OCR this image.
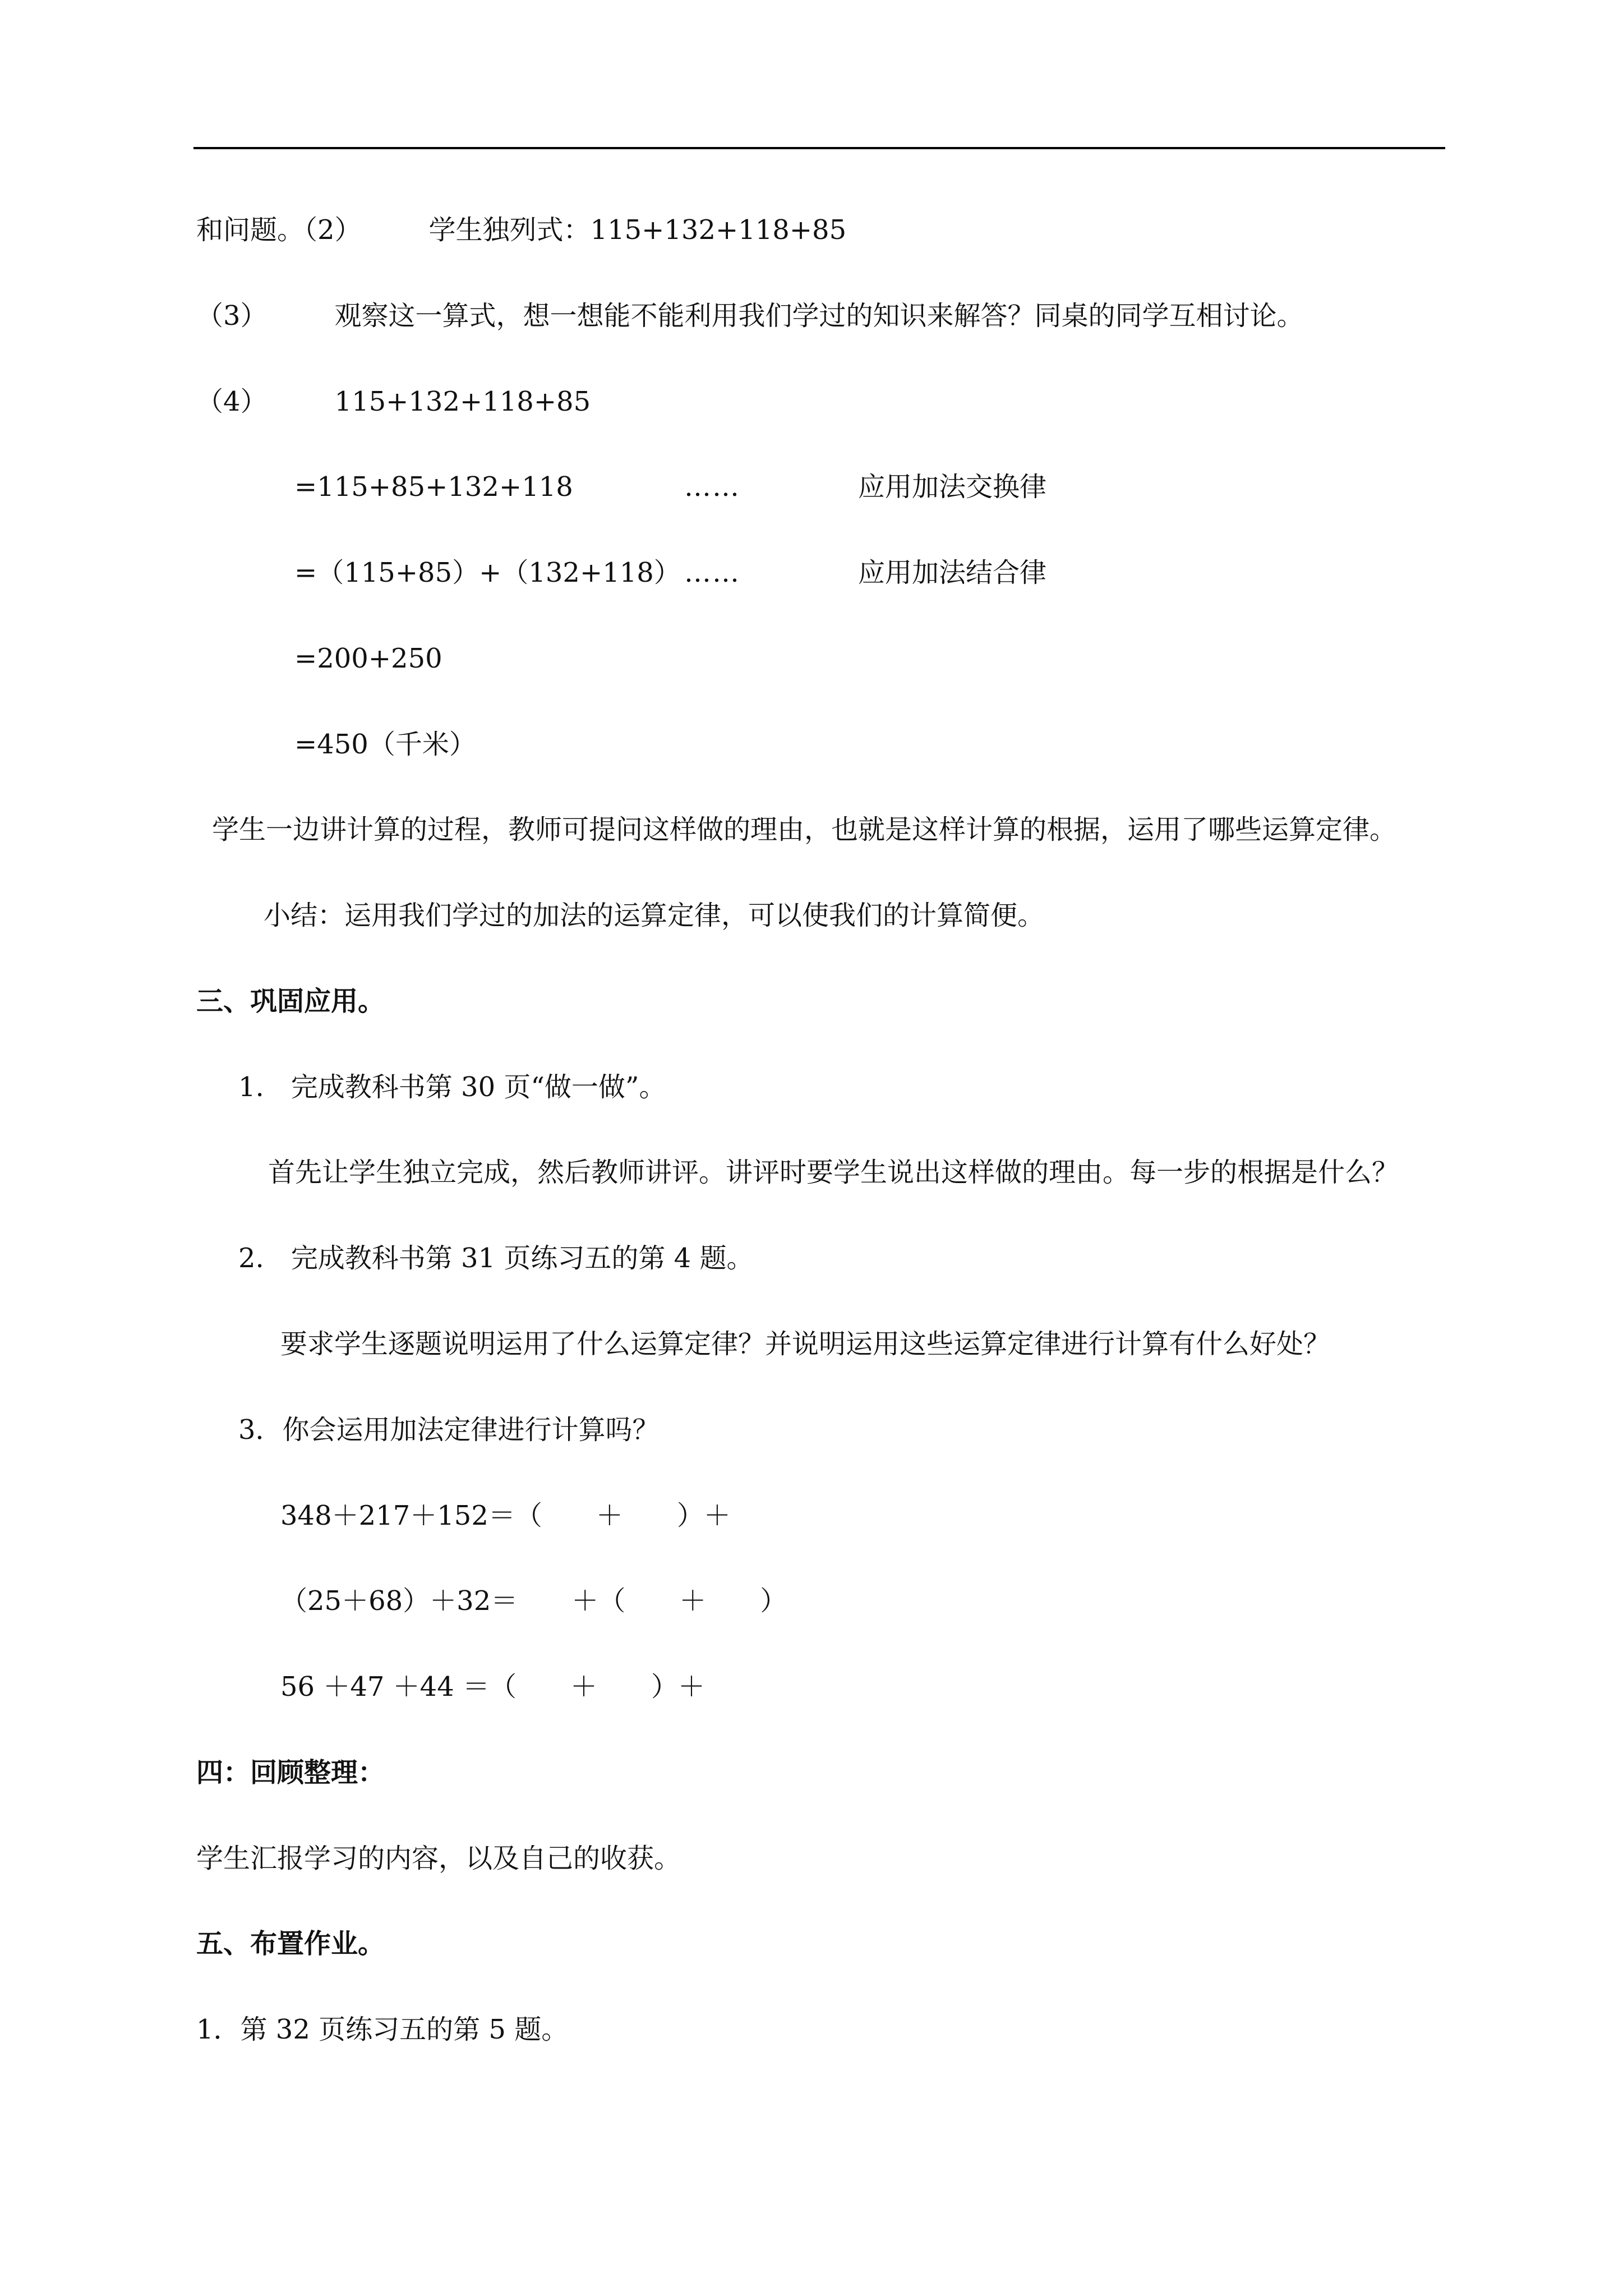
和问题。（2）　　　学生独列式：115+132+118+85
（3）　　　观察这一算式，想一想能不能利用我们学过的知识来解答？同桌的同学互相讨论。
（4）　　　115+132+118+85
=115+85+132+118	……	应用加法交换律
=（115+85）+（132+118） ……	应用加法结合律
=200+250
=450（千米）
学生一边讲计算的过程，教师可提问这样做的理由，也就是这样计算的根据，运用了哪些运算定律。
小结：运用我们学过的加法的运算定律，可以使我们的计算简便。
三、巩固应用。
1.　完成教科书第 30 页“做一做”。
首先让学生独立完成，然后教师讲评。讲评时要学生说出这样做的理由。每一步的根据是什么？
2.　完成教科书第 31 页练习五的第 4 题。
要求学生逐题说明运用了什么运算定律？并说明运用这些运算定律进行计算有什么好处？
3．你会运用加法定律进行计算吗？
348＋217＋152＝（　　＋　　）＋
（25＋68）＋32＝　　＋（　　＋　　）
56 ＋47 ＋44 ＝（　　＋　　）＋
四：回顾整理：
学生汇报学习的内容，以及自己的收获。
五、布置作业。
1．第 32 页练习五的第 5 题。
